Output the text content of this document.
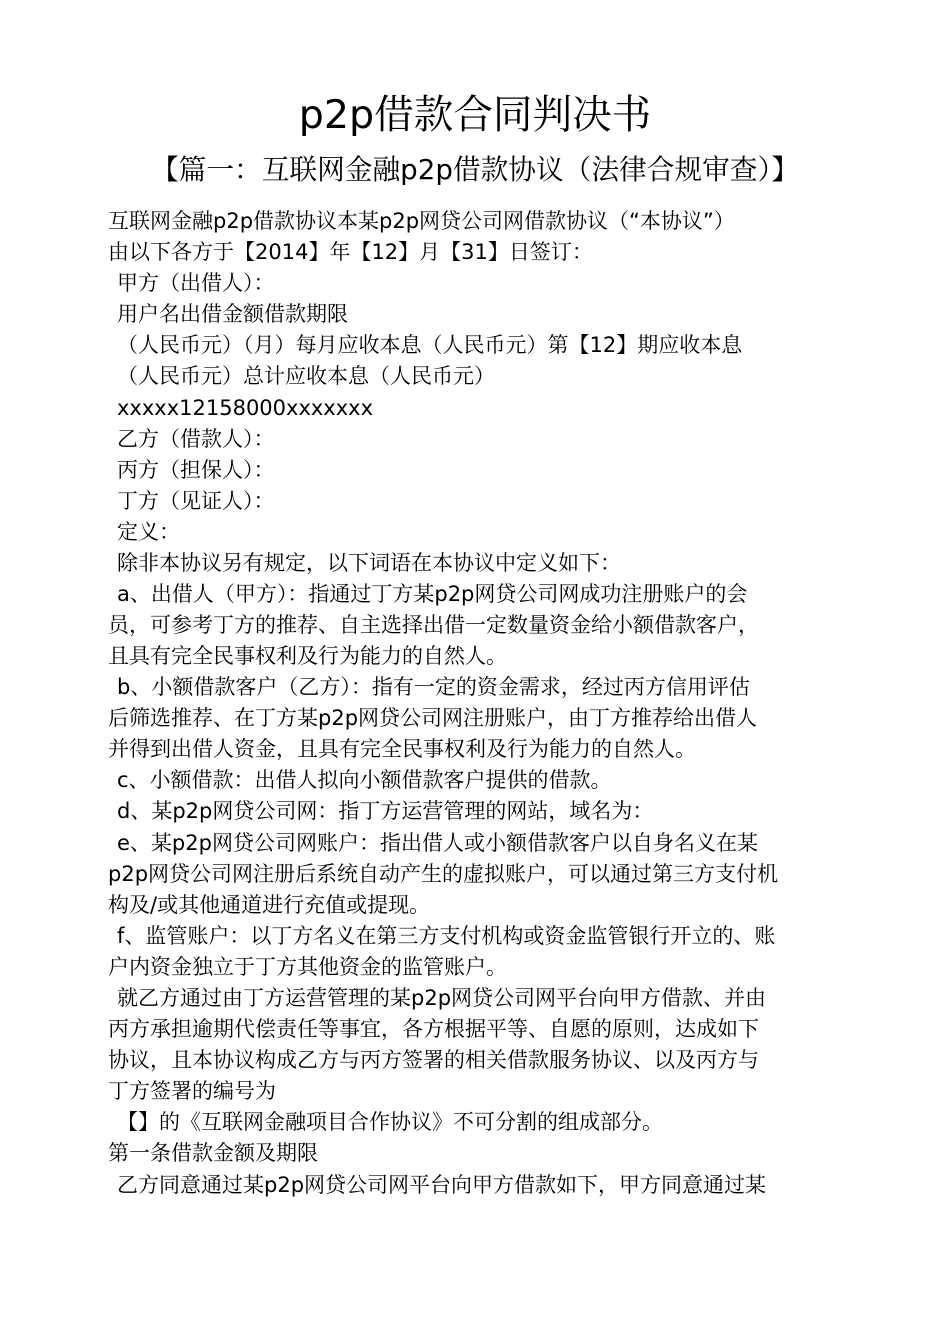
p2p借款合同判决书
【篇一：互联网金融p2p借款协议（法律合规审查）】
互联网金融p2p借款协议本某p2p网贷公司网借款协议（“本协议”）
由以下各方于【2014】年【12】月【31】日签订：
甲方（出借人）：
用户名出借金额借款期限
（人民币元）（月）每月应收本息（人民币元）第【12】期应收本息
（人民币元）总计应收本息（人民币元）
xxxxx12158000xxxxxxx
乙方（借款人）：
丙方（担保人）：
丁方（见证人）：
定义：
除非本协议另有规定，以下词语在本协议中定义如下：
a、出借人（甲方）：指通过丁方某p2p网贷公司网成功注册账户的会
员，可参考丁方的推荐、自主选择出借一定数量资金给小额借款客户，
且具有完全民事权利及行为能力的自然人。
b、小额借款客户（乙方）：指有一定的资金需求，经过丙方信用评估
后筛选推荐、在丁方某p2p网贷公司网注册账户，由丁方推荐给出借人
并得到出借人资金，且具有完全民事权利及行为能力的自然人。
c、小额借款：出借人拟向小额借款客户提供的借款。
d、某p2p网贷公司网：指丁方运营管理的网站，域名为：
e、某p2p网贷公司网账户：指出借人或小额借款客户以自身名义在某
p2p网贷公司网注册后系统自动产生的虚拟账户，可以通过第三方支付机
构及/或其他通道进行充值或提现。
f、监管账户：以丁方名义在第三方支付机构或资金监管银行开立的、账
户内资金独立于丁方其他资金的监管账户。
就乙方通过由丁方运营管理的某p2p网贷公司网平台向甲方借款、并由
丙方承担逾期代偿责任等事宜，各方根据平等、自愿的原则，达成如下
协议，且本协议构成乙方与丙方签署的相关借款服务协议、以及丙方与
丁方签署的编号为
【】的《互联网金融项目合作协议》不可分割的组成部分。
第一条借款金额及期限
乙方同意通过某p2p网贷公司网平台向甲方借款如下，甲方同意通过某
